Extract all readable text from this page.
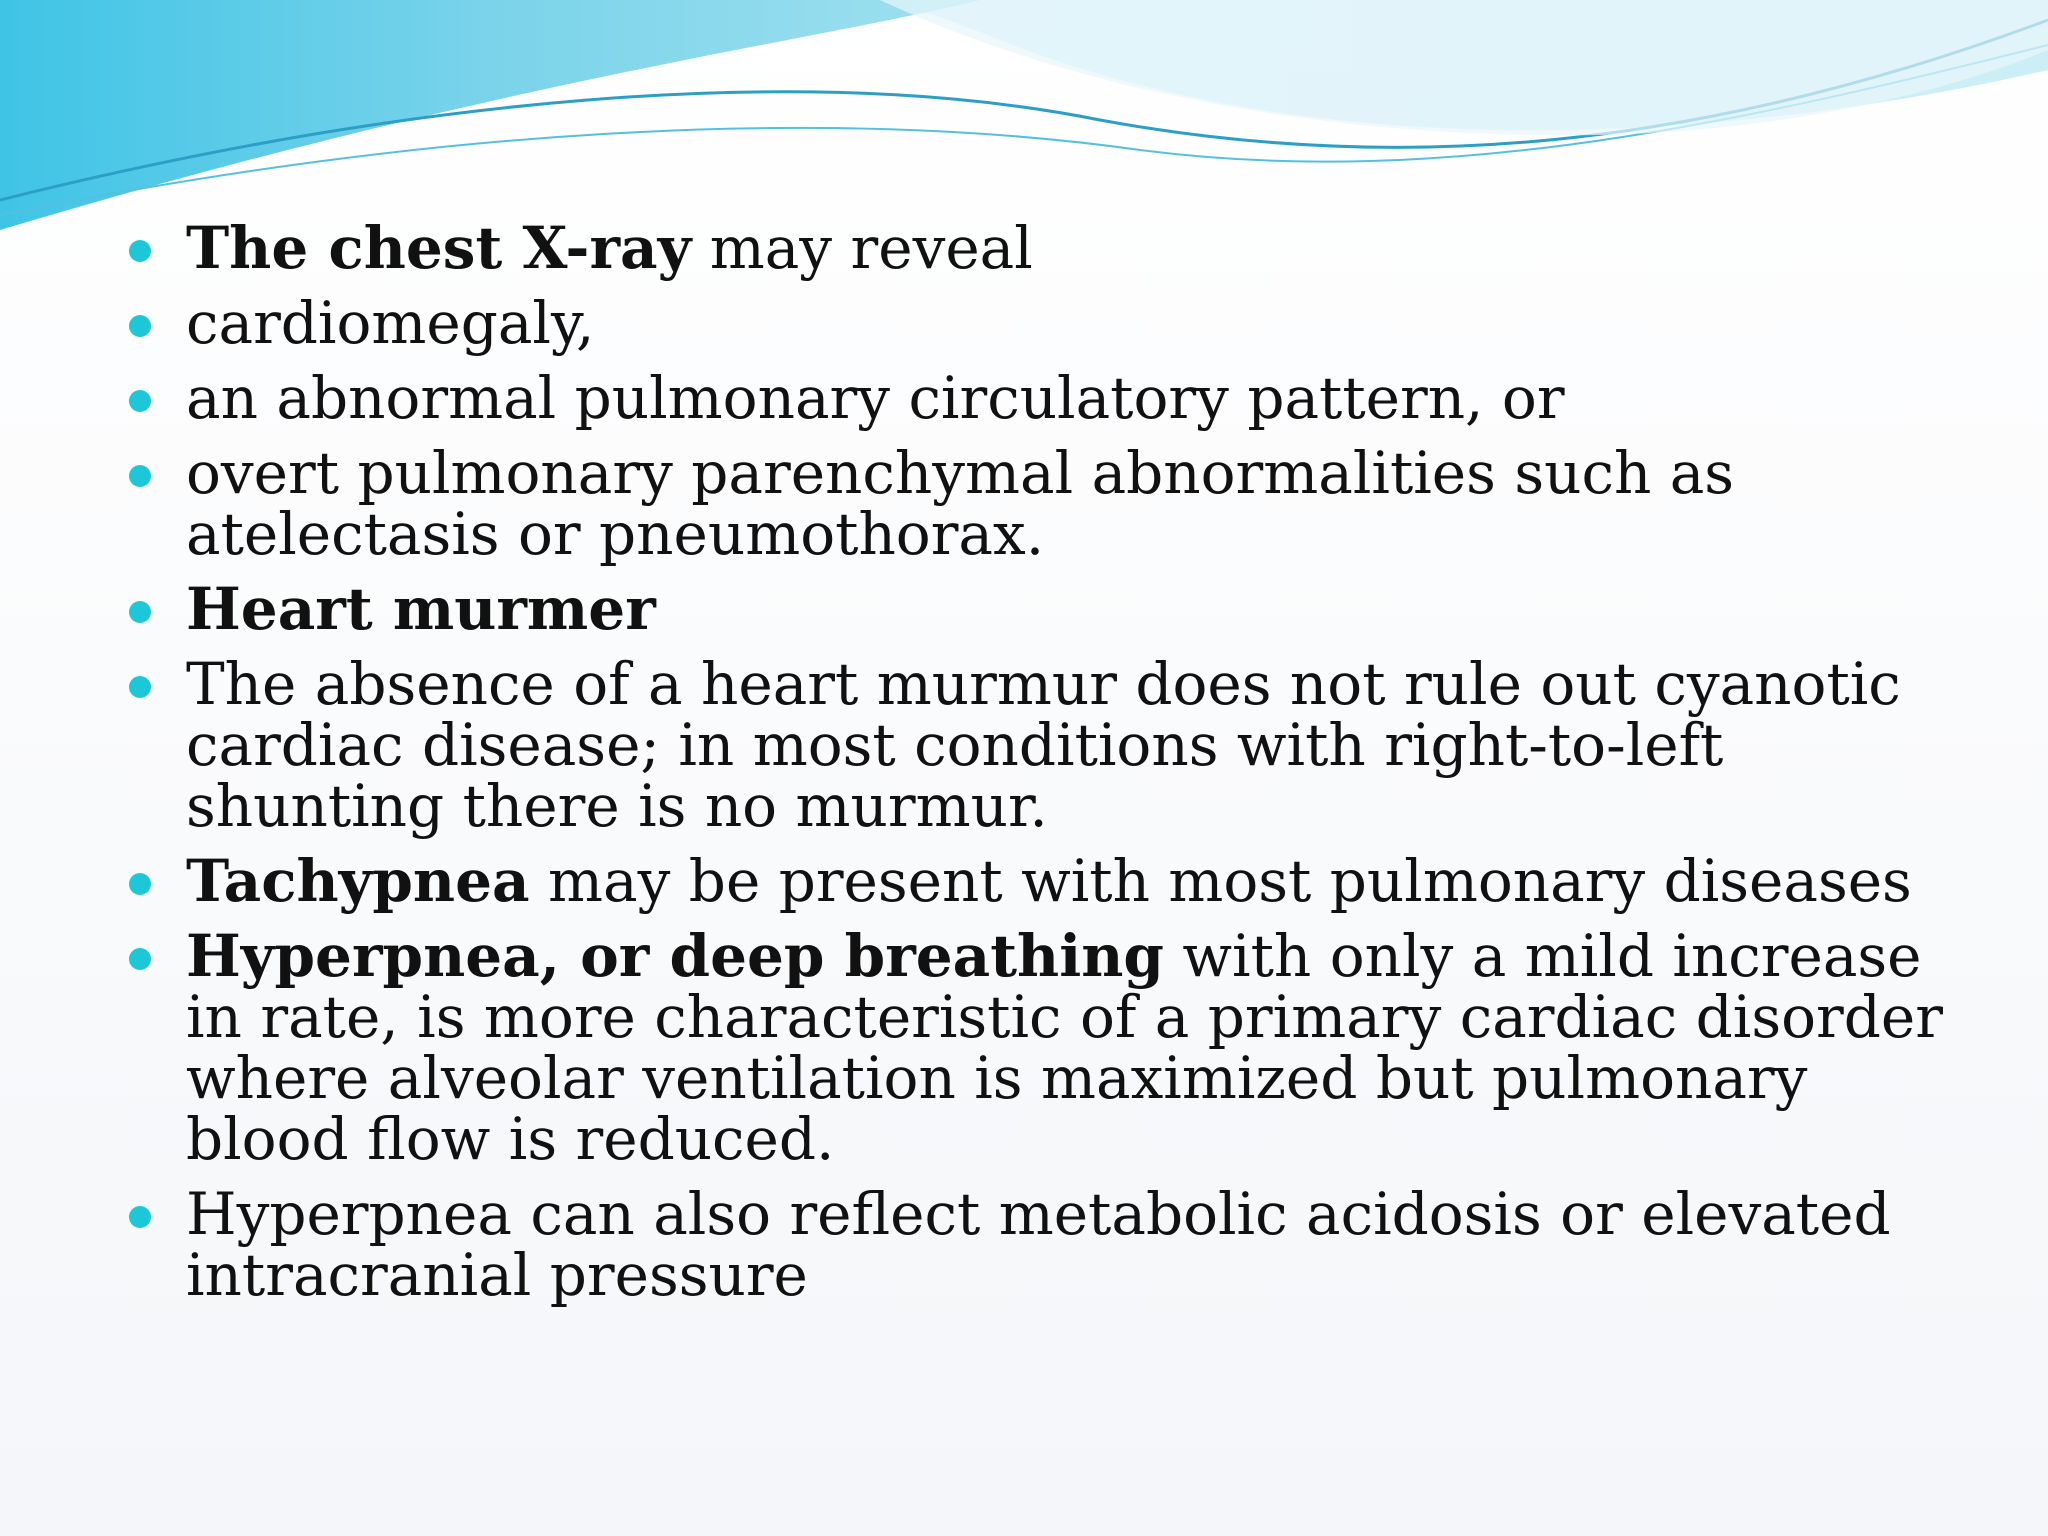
The chest X-ray may reveal
cardiomegaly,
an abnormal pulmonary circulatory pattern, or
overt pulmonary parenchymal abnormalities such as atelectasis or pneumothorax.
Heart murmer
The absence of a heart murmur does not rule out cyanotic cardiac disease; in most conditions with right-to-left shunting there is no murmur.
Tachypnea may be present with most pulmonary diseases
Hyperpnea, or deep breathing with only a mild increase in rate, is more characteristic of a primary cardiac disorder where alveolar ventilation is maximized but pulmonary blood flow is reduced.
Hyperpnea can also reflect metabolic acidosis or elevated intracranial pressure
